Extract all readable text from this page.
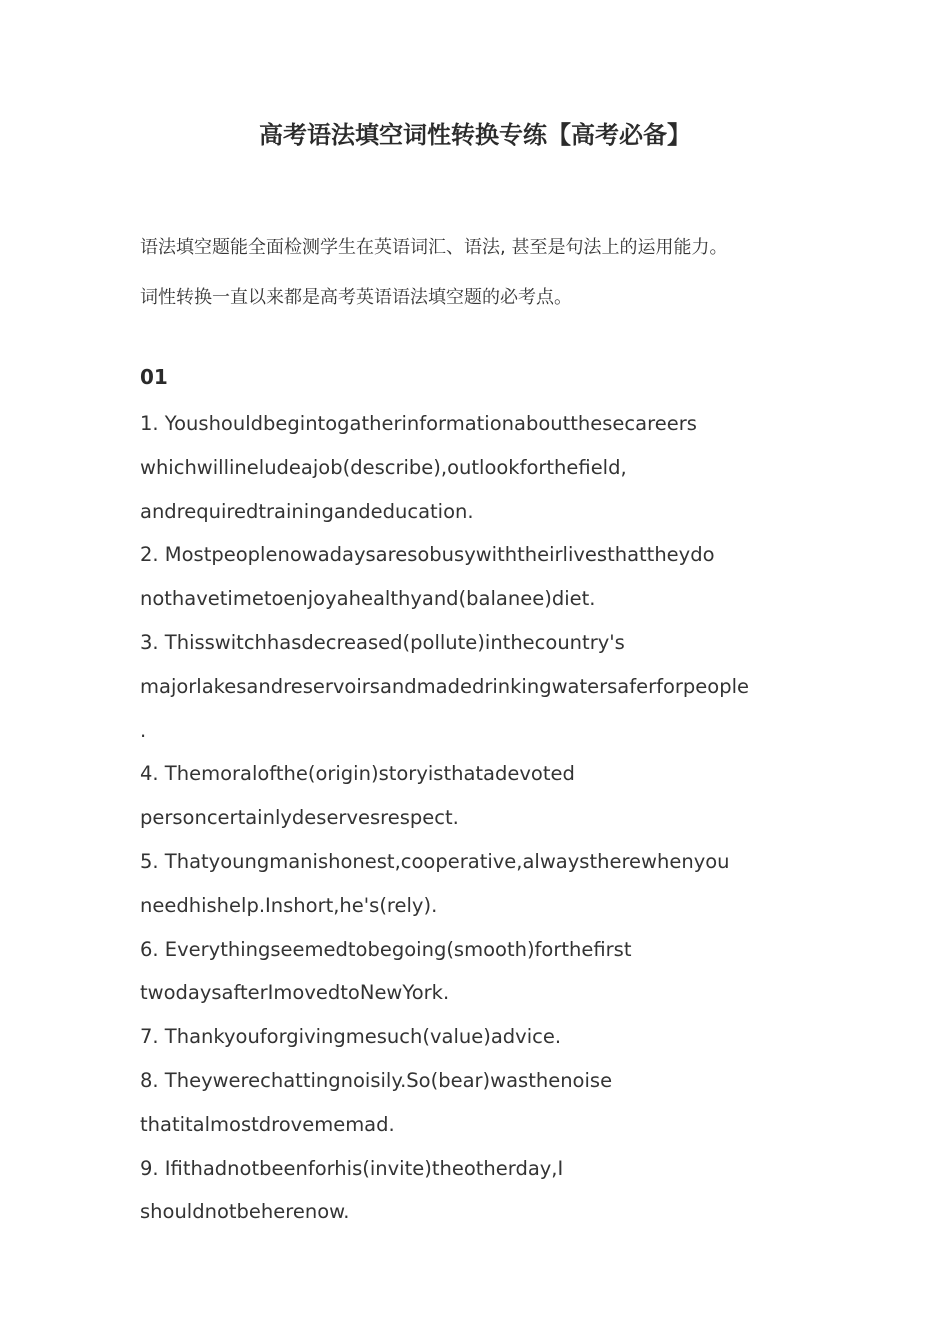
高考语法填空词性转换专练【高考必备】
语法填空题能全面检测学生在英语词汇、语法, 甚至是句法上的运用能力。
词性转换一直以来都是高考英语语法填空题的必考点。
01
1. Youshouldbegintogatherinformationaboutthesecareers
whichwillineludeajob(describe),outlookforthefield,
andrequiredtrainingandeducation.
2. Mostpeoplenowadaysaresobusywiththeirlivesthattheydo
nothavetimetoenjoyahealthyand(balanee)diet.
3. Thisswitchhasdecreased(pollute)inthecountry's
majorlakesandreservoirsandmadedrinkingwatersaferforpeople
.
4. Themoralofthe(origin)storyisthatadevoted
personcertainlydeservesrespect.
5. Thatyoungmanishonest,cooperative,alwaystherewhenyou
needhishelp.Inshort,he's(rely).
6. Everythingseemedtobegoing(smooth)forthefirst
twodaysafterImovedtoNewYork.
7. Thankyouforgivingmesuch(value)advice.
8. Theywerechattingnoisily.So(bear)wasthenoise
thatitalmostdrovememad.
9. Ifithadnotbeenforhis(invite)theotherday,I
shouldnotbeherenow.
